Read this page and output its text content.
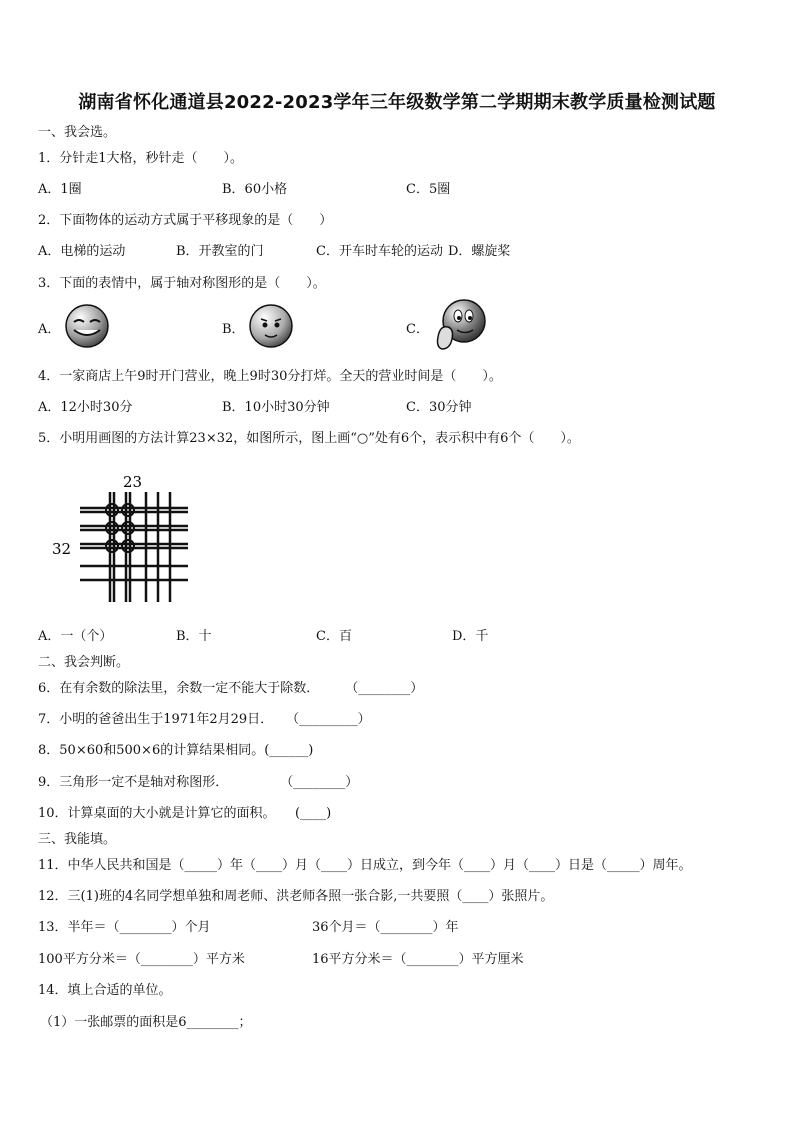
湖南省怀化通道县2022-2023学年三年级数学第二学期期末教学质量检测试题
一、我会选。
1．分针走1大格，秒针走（　　）。
A．1圈	B．60小格	C．5圈
2．下面物体的运动方式属于平移现象的是（　　）
A．电梯的运动	B．开教室的门	C．开车时车轮的运动 D．螺旋桨
3．下面的表情中，属于轴对称图形的是（　　）。
A．	B．	C．
4．一家商店上午9时开门营业，晚上9时30分打烊。全天的营业时间是（　　）。
A．12小时30分	B．10小时30分钟	C．30分钟
5．小明用画图的方法计算23×32，如图所示，图上画“○”处有6个，表示积中有6个（　　）。
23
32
A．一（个）	B．十	C．百	D．千
二、我会判断。
6．在有余数的除法里，余数一定不能大于除数．　　　（________）
7．小明的爸爸出生于1971年2月29日．　　（_________）
8．50×60和500×6的计算结果相同。(______)
9．三角形一定不是轴对称图形．　　　　　（________）
10．计算桌面的大小就是计算它的面积。　　(____)
三、我能填。
11．中华人民共和国是（_____）年（____）月（____）日成立，到今年（____）月（____）日是（_____）周年。
12．三(1)班的4名同学想单独和周老师、洪老师各照一张合影,一共要照（____）张照片。
13．半年＝（________）个月	36个月＝（________）年
100平方分米＝（________）平方米	16平方分米＝（________）平方厘米
14．填上合适的单位。
（1）一张邮票的面积是6________；
